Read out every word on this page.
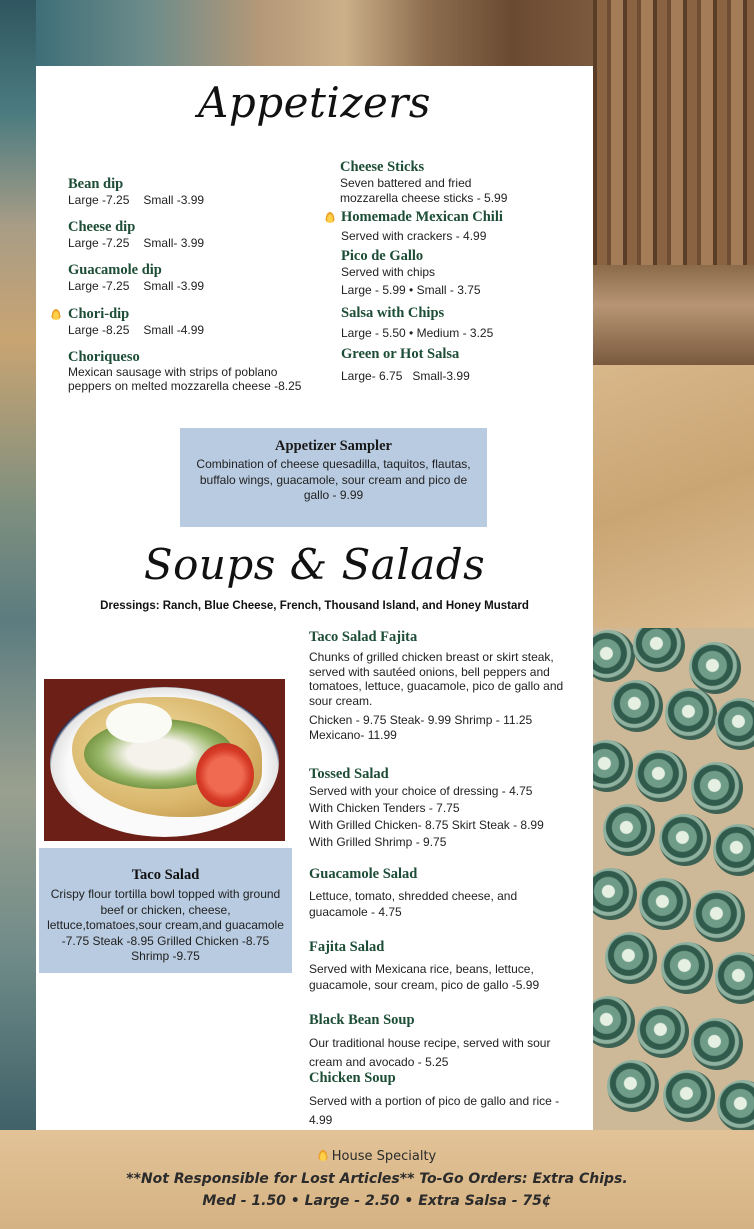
Appetizers
Bean dip
Large -7.25 Small -3.99
Cheese dip
Large -7.25 Small- 3.99
Guacamole dip
Large -7.25 Small -3.99
Chori-dip
Large -8.25 Small -4.99
Choriqueso
Mexican sausage with strips of poblano peppers on melted mozzarella cheese -8.25
Cheese Sticks
Seven battered and fried
mozzarella cheese sticks - 5.99
Homemade Mexican Chili
Served with crackers - 4.99
Pico de Gallo
Served with chips
Large - 5.99 • Small - 3.75
Salsa with Chips
Large - 5.50 • Medium - 3.25
Green or Hot Salsa
Large- 6.75   Small-3.99
Appetizer Sampler
Combination of cheese quesadilla, taquitos, flautas, buffalo wings, guacamole, sour cream and pico de gallo - 9.99
Soups & Salads
Dressings: Ranch, Blue Cheese, French, Thousand Island, and Honey Mustard
Taco Salad
Crispy flour tortilla bowl topped with ground beef or chicken, cheese, lettuce,tomatoes,sour cream,and guacamole -7.75 Steak -8.95 Grilled Chicken -8.75 Shrimp -9.75
Taco Salad Fajita
Chunks of grilled chicken breast or skirt steak, served with sautéed onions, bell peppers and tomatoes, lettuce, guacamole, pico de gallo and sour cream.
Chicken - 9.75 Steak- 9.99 Shrimp - 11.25 Mexicano- 11.99
Tossed Salad
Served with your choice of dressing - 4.75
With Chicken Tenders - 7.75
With Grilled Chicken- 8.75 Skirt Steak - 8.99
With Grilled Shrimp - 9.75
Guacamole Salad
Lettuce, tomato, shredded cheese, and guacamole - 4.75
Fajita Salad
Served with Mexicana rice, beans, lettuce, guacamole, sour cream, pico de gallo -5.99
Black Bean Soup
Our traditional house recipe, served with sour cream and avocado - 5.25
Chicken Soup
Served with a portion of pico de gallo and rice - 4.99
House Specialty
**Not Responsible for Lost Articles** To-Go Orders: Extra Chips.
Med - 1.50 • Large - 2.50 • Extra Salsa - 75¢
